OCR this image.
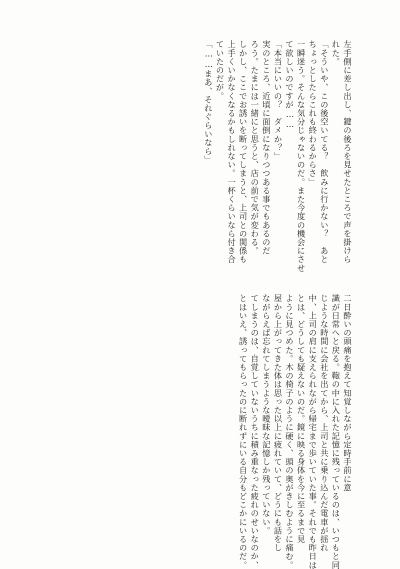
左手側に差し出し、鍵の後ろを見せたところで声を掛けら
れた。
「そういや、この後空いてる？　飲みに行かない？　あと
ちょっとしたらこれも終わるからさ」
一瞬迷う。そんな気分じゃないのだ。また今度の機会にさせ
て欲しいのですが……
「本当にいいの？　ダメか？」
実のところ、近頃に面倒になりつつある事でもあるのだ
ろう。たまには一緒にと思うと、店の前で気が変わる。
しかし、ここでお誘いを断ってしまうと、上司との関係も
上手くいかなくなるかもしれない。一杯くらいなら付き合
ていたのだが。
「……まあ、それぐらいなら」
二日酔いの頭痛を抱えて知覚しながら定時手前に意
識が日常へと戻る。鞄の中に入れた記憶に残っているのは、いつもと同
じような時間に会社を出てから、上司と共に乗り込んだ電車が揺れ
中、上司の肩に支えられながら帰宅まで歩いていた事。それでも昨日は
とは、どうしても疑えないのだ。鏡に映る身体を今に至るまで見
ように見つめた。木の椅子のように硬く、頭の奥がきしむように痛む。
屋から上がってきた体は思った以上に疲れていて、どうにも話をし
ながらえば忘れてしまうような曖昧な記憶しか残っていない。
てしまうのは、自覚していないうちに積み重なった疲れのせいなのか、
とはいえ、誘ってもらったのに断れずにいる自分もどこかにいるのだ。
